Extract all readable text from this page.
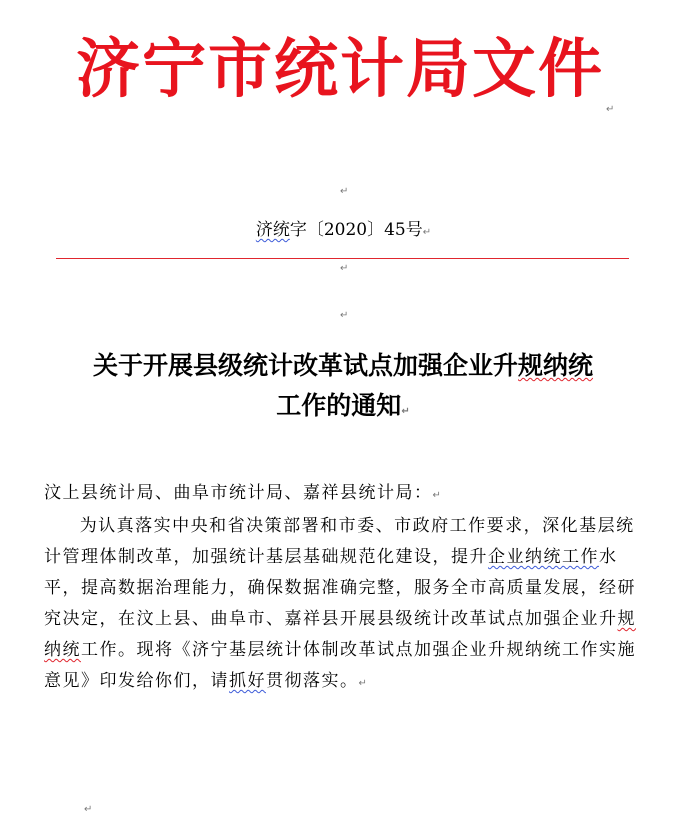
济宁市统计局文件
↵
↵
济统字〔2020〕45号↵
↵
↵
关于开展县级统计改革试点加强企业升规纳统
工作的通知↵

汶上县统计局、曲阜市统计局、嘉祥县统计局：↵

为认真落实中央和省决策部署和市委、市政府工作要求，深化基层统计管理体制改革，加强统计基层基础规范化建设，提升企业纳统工作水平，提高数据治理能力，确保数据准确完整，服务全市高质量发展，经研究决定，在汶上县、曲阜市、嘉祥县开展县级统计改革试点加强企业升规纳统工作。现将《济宁基层统计体制改革试点加强企业升规纳统工作实施意见》印发给你们，请抓好贯彻落实。↵

↵
